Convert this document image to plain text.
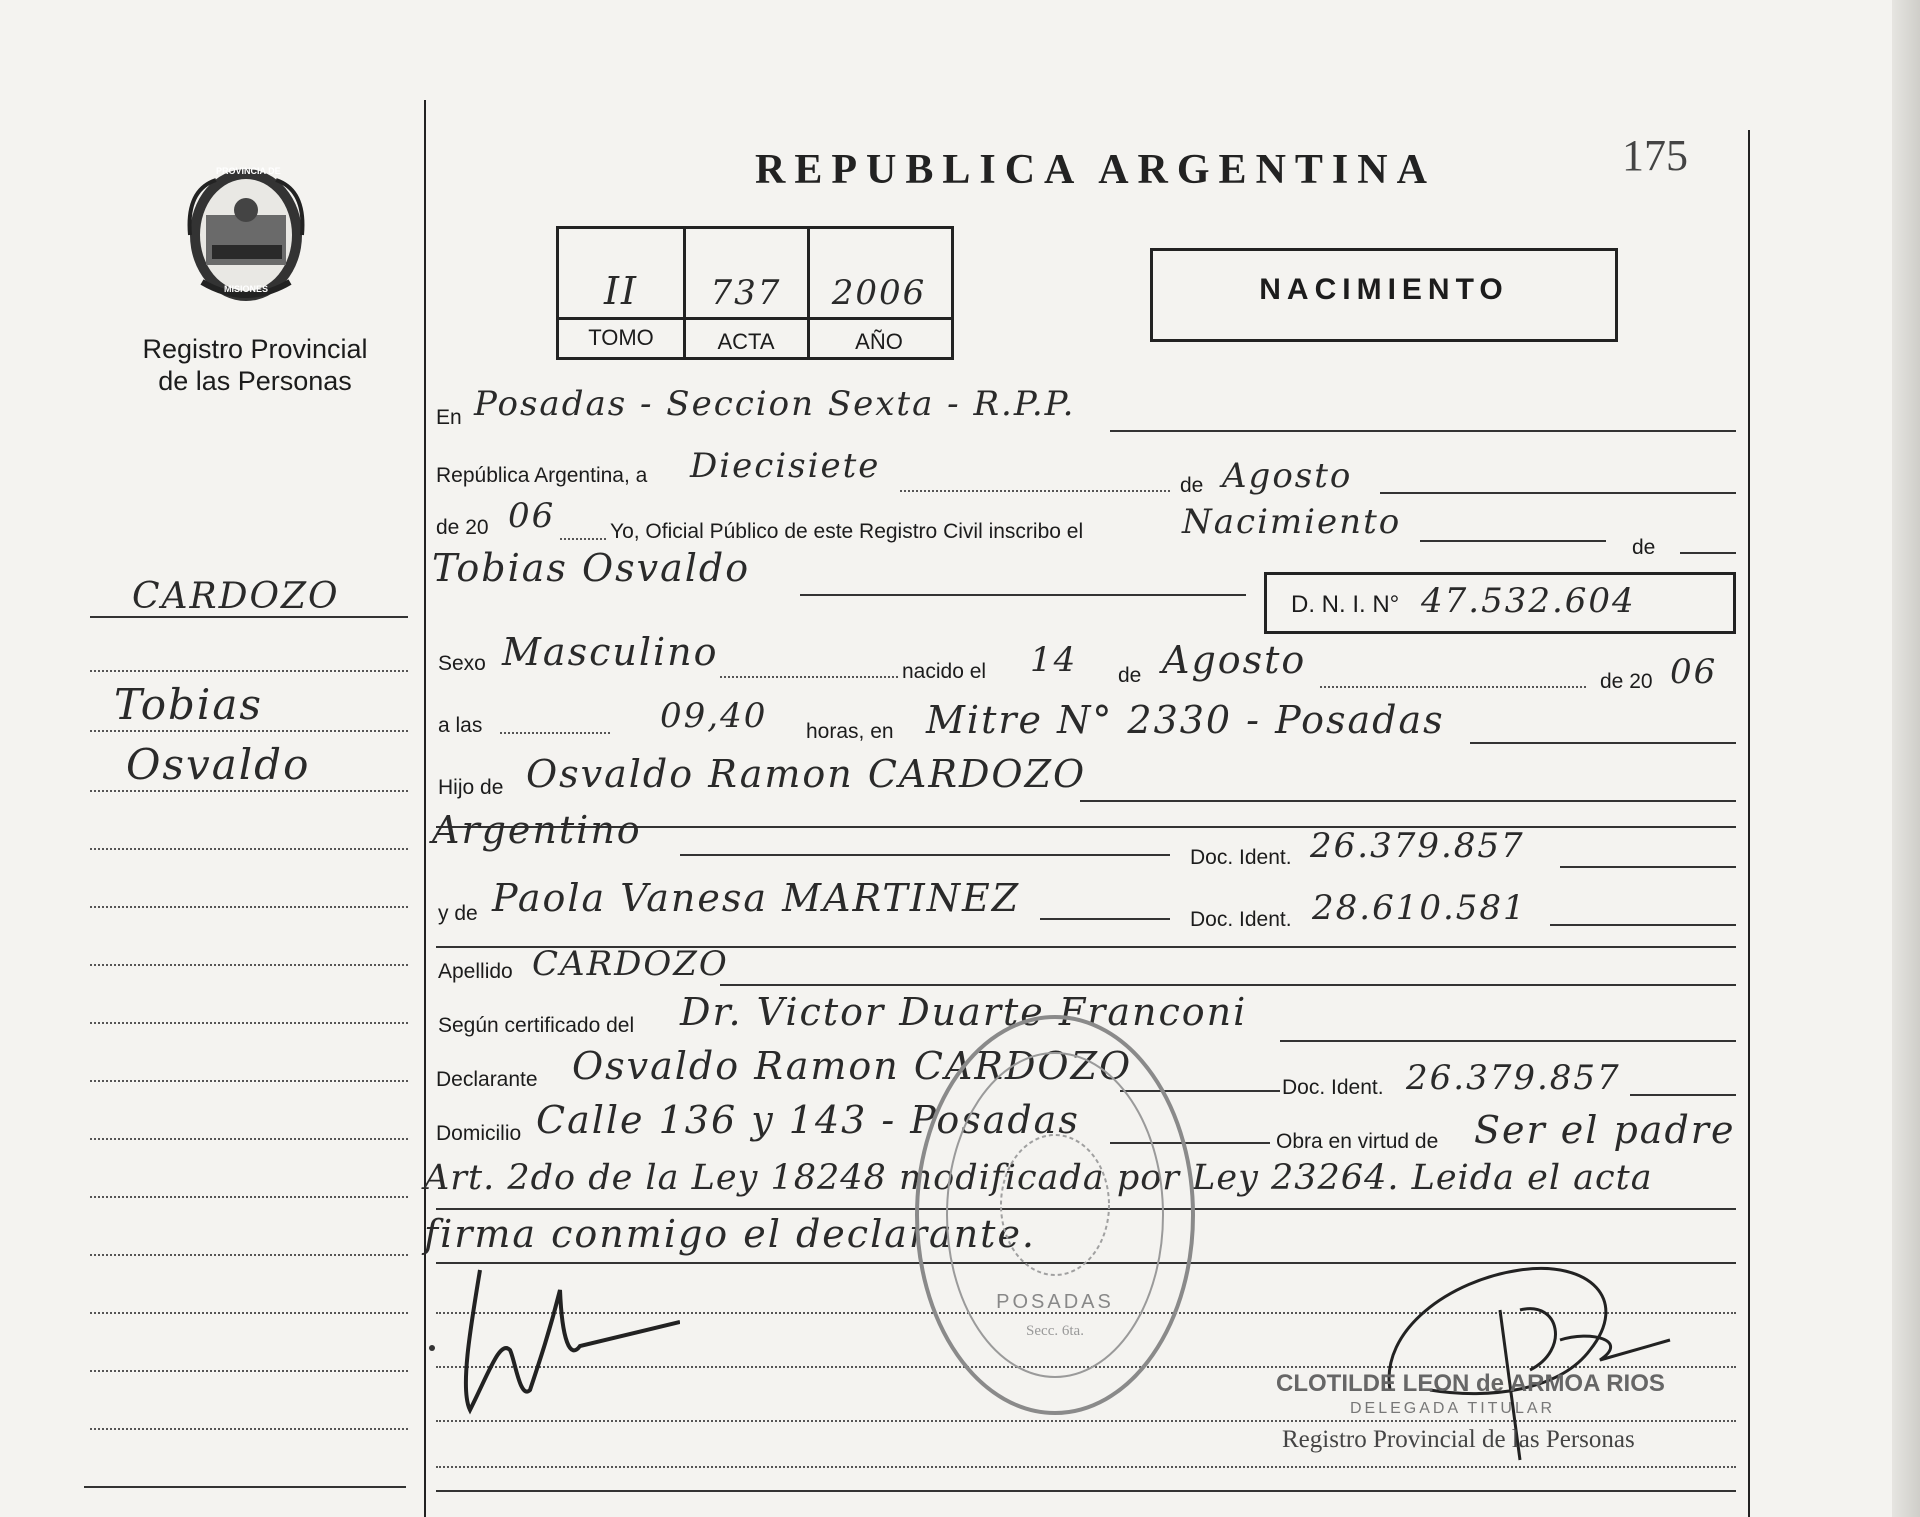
175
PROVINCIA DE
MISIONES
Registro Provincial
de las Personas
REPUBLICA ARGENTINA
II	737	2006
TOMO	ACTA	AÑO
NACIMIENTO
CARDOZO
Tobias
Osvaldo
En Posadas - Seccion Sexta - R.P.P.
República Argentina, a Diecisiete	de Agosto
de 20 06	Yo, Oficial Público de este Registro Civil inscribo el	Nacimiento
de
Tobias Osvaldo
D. N. I. N° 47.532.604
Sexo Masculino	nacido el 14 de Agosto	de 20 06
a las	09,40 horas, en Mitre N° 2330 - Posadas
Hijo de Osvaldo Ramon CARDOZO
Argentino
Doc. Ident. 26.379.857
y de Paola Vanesa MARTINEZ	Doc. Ident. 28.610.581
Apellido CARDOZO
Según certificado del Dr. Victor Duarte Franconi
Declarante Osvaldo Ramon CARDOZO	Doc. Ident. 26.379.857
Domicilio Calle 136 y 143 - Posadas	Obra en virtud de Ser el padre
Art. 2do de la Ley 18248 modificada por Ley 23264. Leida el acta
firma conmigo el declarante.
POSADAS
Secc. 6ta.
CLOTILDE LEON de ARMOA RIOS
DELEGADA TITULAR
Registro Provincial de las Personas
